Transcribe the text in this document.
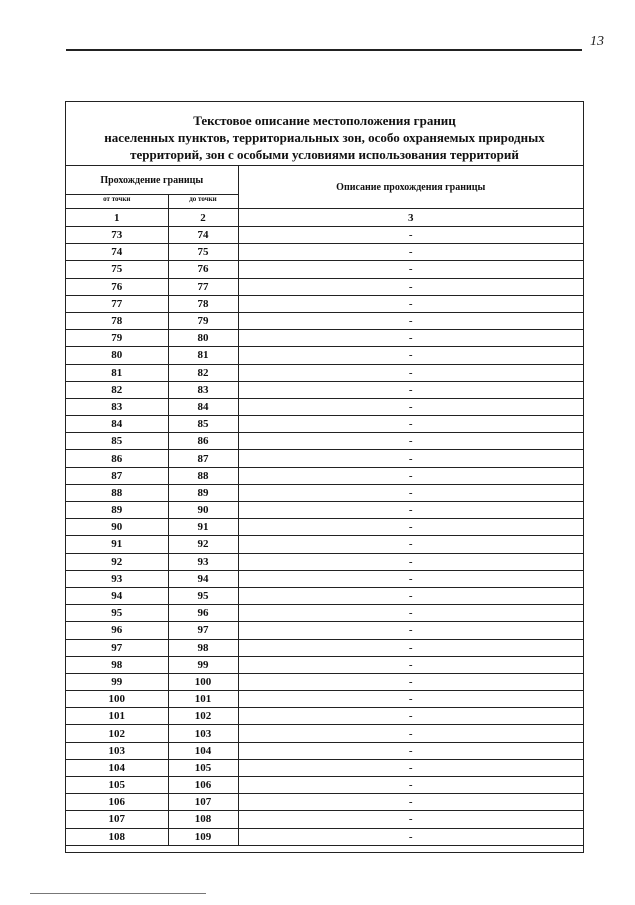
13
Текстовое описание местоположения границ
населенных пунктов, территориальных зон, особо охраняемых природных
территорий, зон с особыми условиями использования территорий
Прохождение границы		Описание прохождения границы
от точки	до точки	
1	2	3
73	74	-
74	75	-
75	76	-
76	77	-
77	78	-
78	79	-
79	80	-
80	81	-
81	82	-
82	83	-
83	84	-
84	85	-
85	86	-
86	87	-
87	88	-
88	89	-
89	90	-
90	91	-
91	92	-
92	93	-
93	94	-
94	95	-
95	96	-
96	97	-
97	98	-
98	99	-
99	100	-
100	101	-
101	102	-
102	103	-
103	104	-
104	105	-
105	106	-
106	107	-
107	108	-
108	109	-
